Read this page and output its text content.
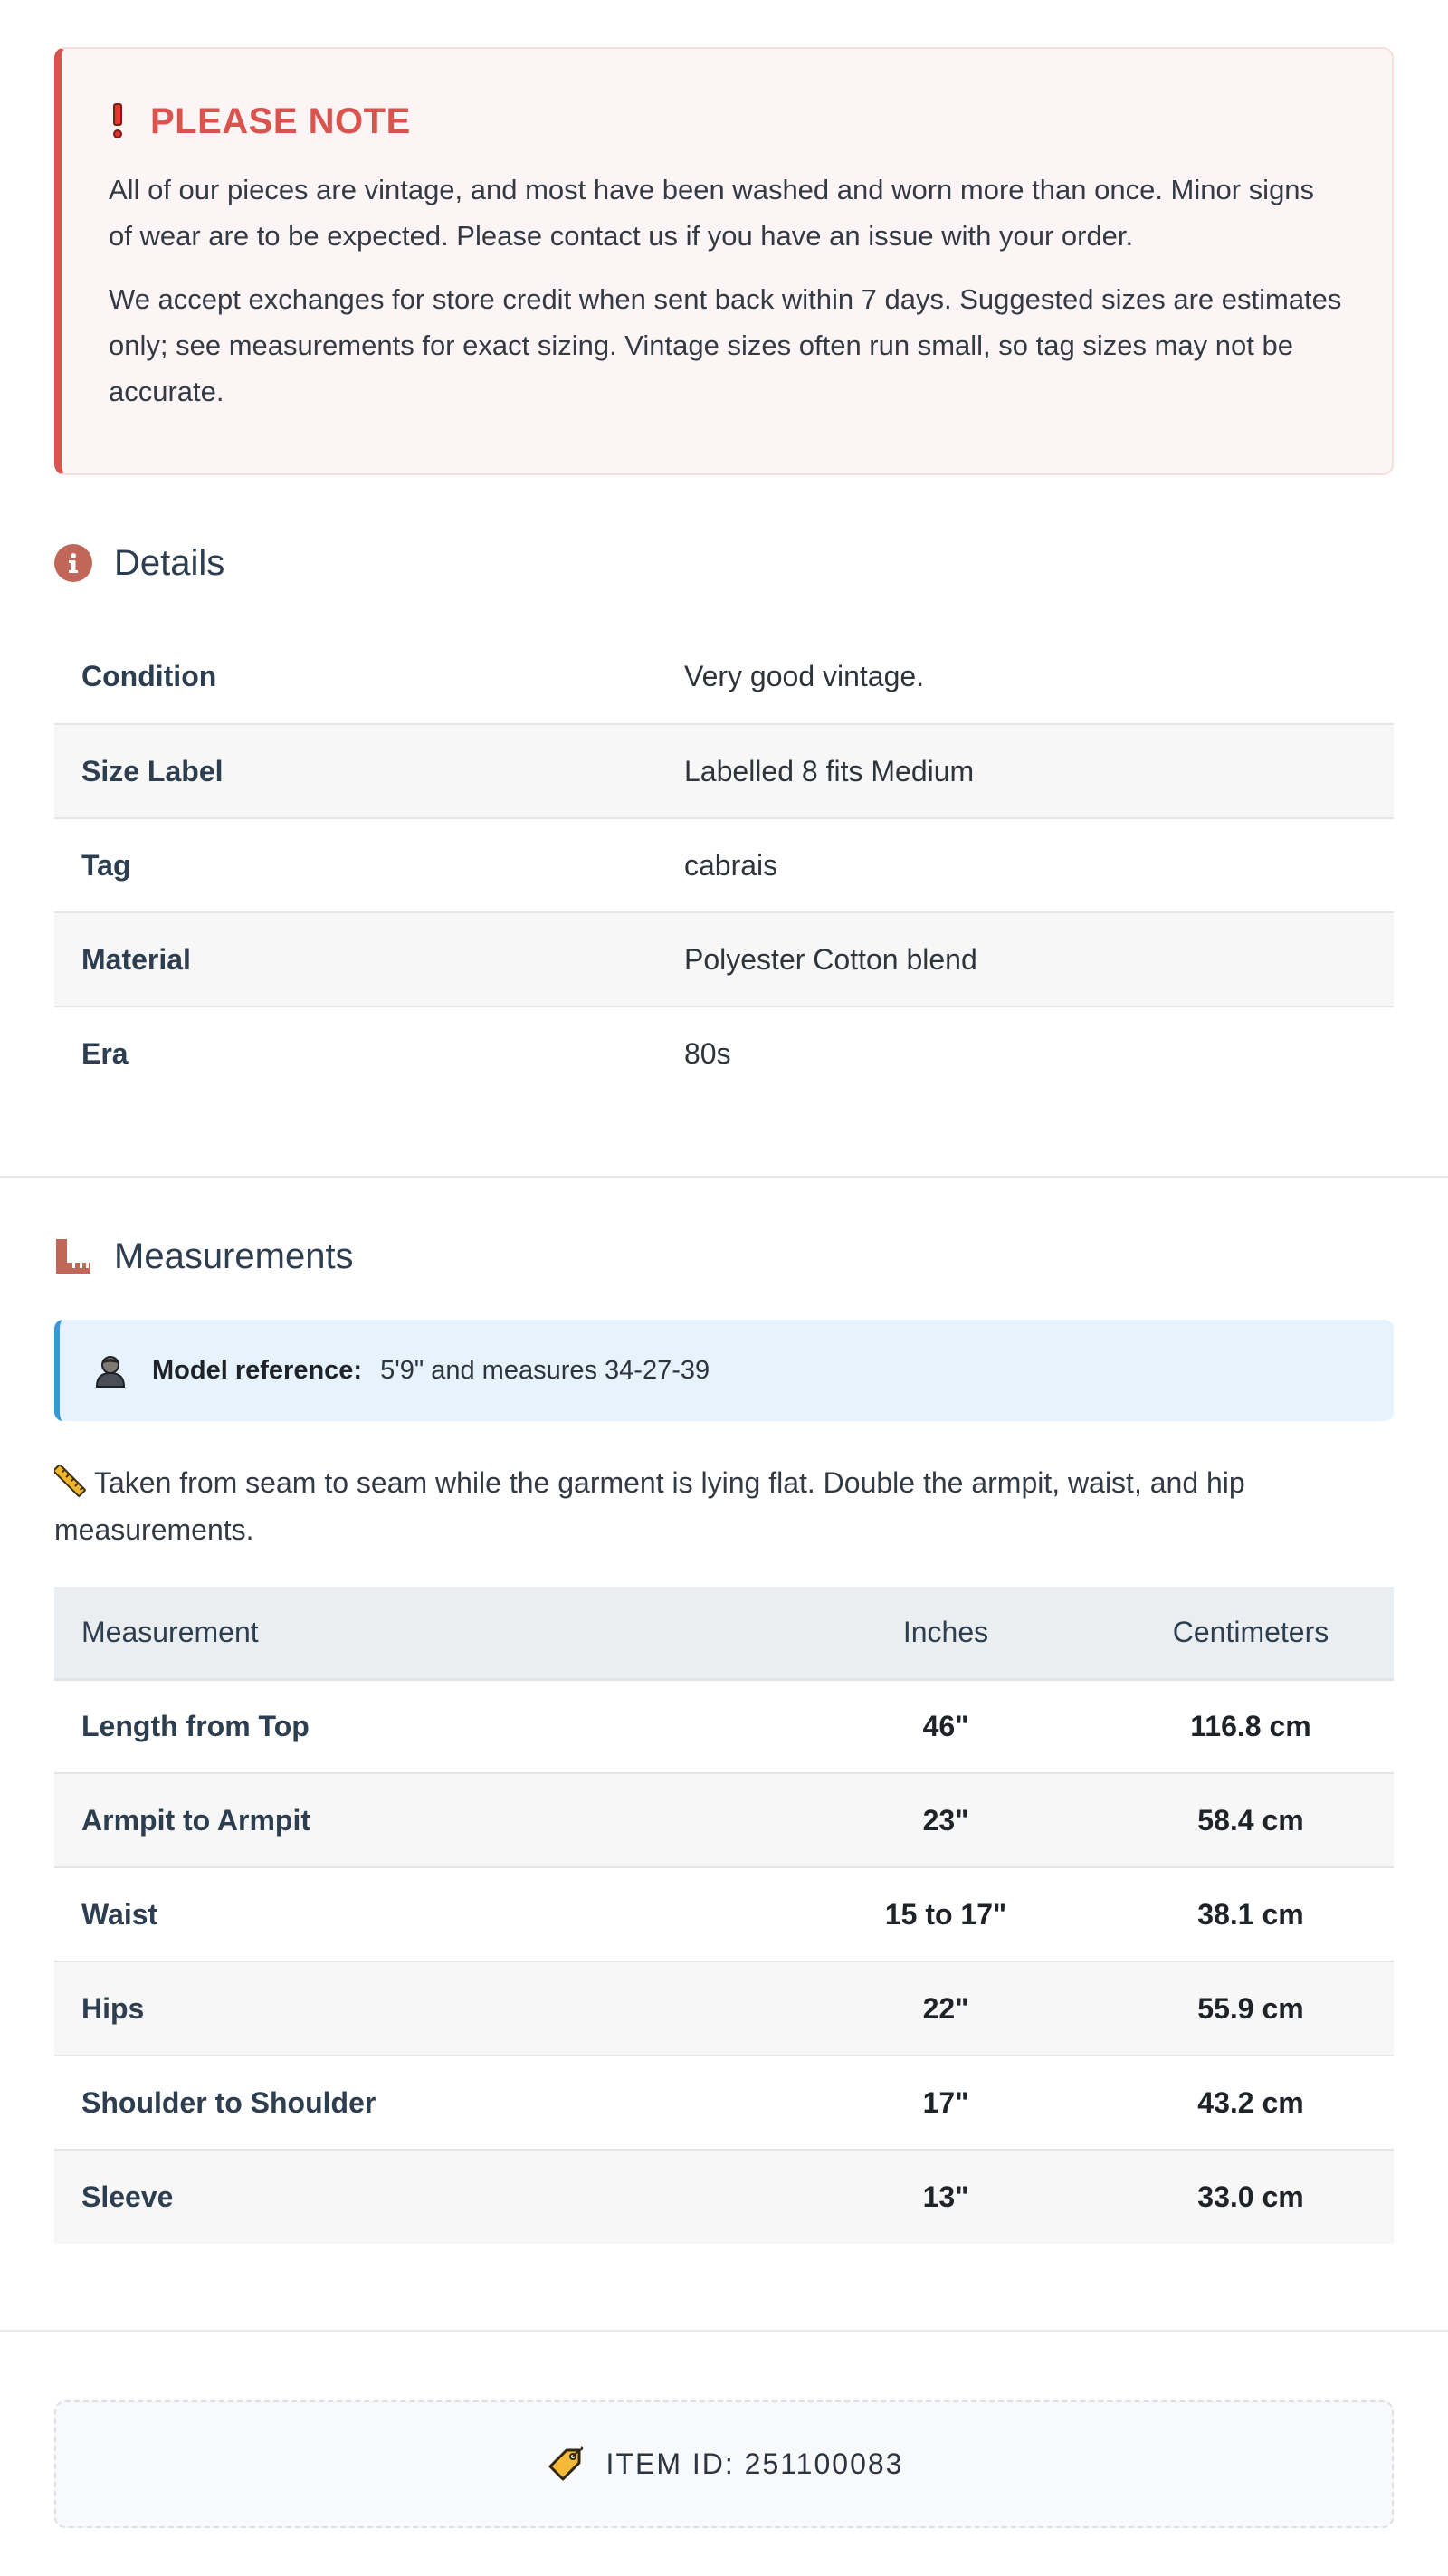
PLEASE NOTE

All of our pieces are vintage, and most have been washed and worn more than once. Minor signs of wear are to be expected. Please contact us if you have an issue with your order.

We accept exchanges for store credit when sent back within 7 days. Suggested sizes are estimates only; see measurements for exact sizing. Vintage sizes often run small, so tag sizes may not be accurate.

Details
Condition	Very good vintage.
Size Label	Labelled 8 fits Medium
Tag	cabrais
Material	Polyester Cotton blend
Era	80s
Measurements
Model reference: 5'9" and measures 34-27-39
Taken from seam to seam while the garment is lying flat. Double the armpit, waist, and hip measurements.
Measurement	Inches	Centimeters
Length from Top	46"	116.8 cm
Armpit to Armpit	23"	58.4 cm
Waist	15 to 17"	38.1 cm
Hips	22"	55.9 cm
Shoulder to Shoulder	17"	43.2 cm
Sleeve	13"	33.0 cm
ITEM ID: 251100083
